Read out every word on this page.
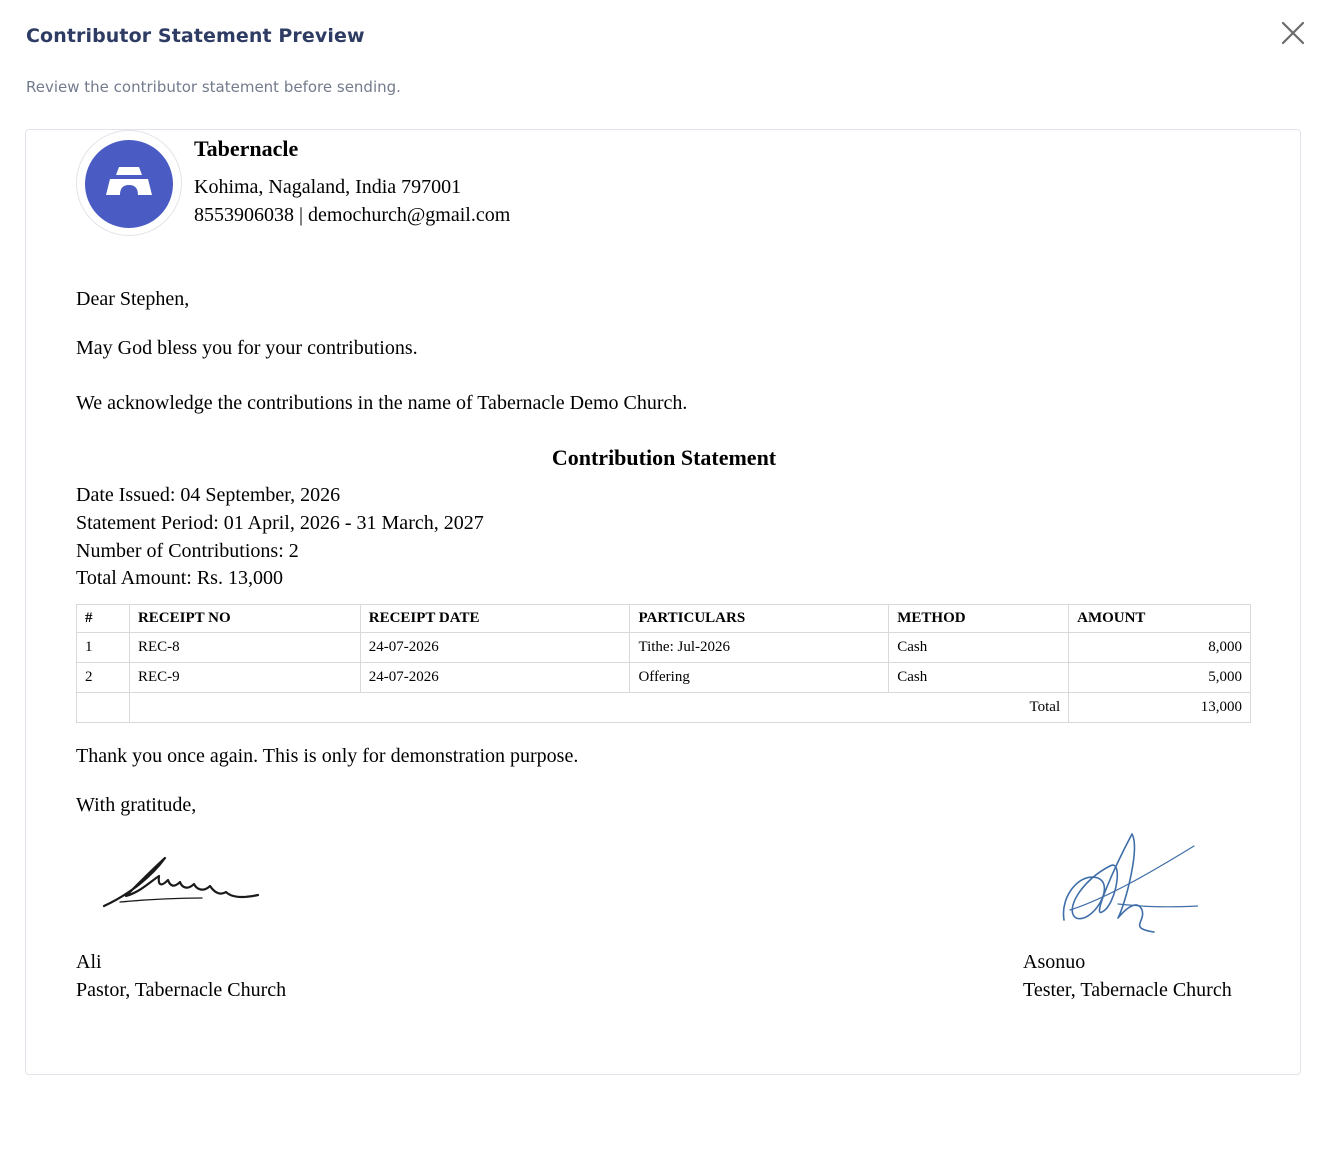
Contributor Statement Preview

Review the contributor statement before sending.

Tabernacle
Kohima, Nagaland, India 797001
8553906038 | demochurch@gmail.com
Dear Stephen,
May God bless you for your contributions.
We acknowledge the contributions in the name of Tabernacle Demo Church.
Contribution Statement
Date Issued: 04 September, 2026
Statement Period: 01 April, 2026 - 31 March, 2027
Number of Contributions: 2
Total Amount: Rs. 13,000
#	RECEIPT NO	RECEIPT DATE	PARTICULARS	METHOD	AMOUNT
1	REC-8	24-07-2026	Tithe: Jul-2026	Cash	8,000
2	REC-9	24-07-2026	Offering	Cash	5,000
	Total				13,000
Thank you once again. This is only for demonstration purpose.
With gratitude,
Ali
Pastor, Tabernacle Church
Asonuo
Tester, Tabernacle Church
